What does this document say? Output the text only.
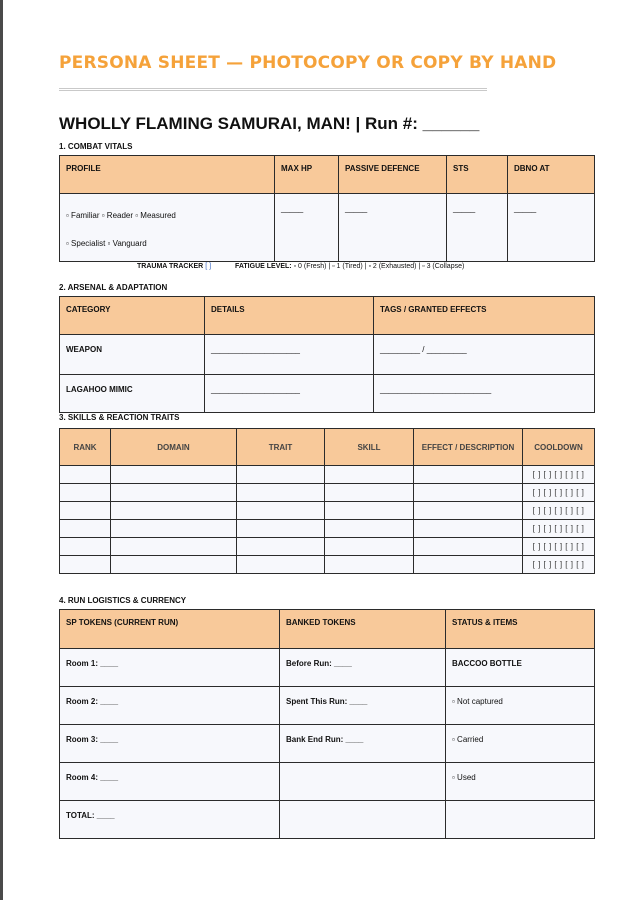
PERSONA SHEET — PHOTOCOPY OR COPY BY HAND
WHOLLY FLAMING SAMURAI, MAN! | Run #: ______
1. COMBAT VITALS
PROFILE	MAX HP	PASSIVE DEFENCE	STS	DBNO AT

▫ Familiar ▫ Reader ▫ Measured
▫ Specialist ▫ Vanguard	_____	_____	_____	_____
TRAUMA TRACKER [ ]	FATIGUE LEVEL: ▫ 0 (Fresh) | ▫ 1 (Tired) | ▫ 2 (Exhausted) | ▫ 3 (Collapse)
2. ARSENAL & ADAPTATION
CATEGORY	DETAILS	TAGS / GRANTED EFFECTS
WEAPON	____________________	_________ / _________
LAGAHOO MIMIC	____________________	_________________________
3. SKILLS & REACTION TRAITS
RANK	DOMAIN	TRAIT	SKILL	EFFECT / DESCRIPTION	COOLDOWN
					[ ] [ ] [ ] [ ] [ ]
					[ ] [ ] [ ] [ ] [ ]
					[ ] [ ] [ ] [ ] [ ]
					[ ] [ ] [ ] [ ] [ ]
					[ ] [ ] [ ] [ ] [ ]
					[ ] [ ] [ ] [ ] [ ]
4. RUN LOGISTICS & CURRENCY
SP TOKENS (CURRENT RUN)	BANKED TOKENS	STATUS & ITEMS
Room 1: ____	Before Run: ____	BACCOO BOTTLE
Room 2: ____	Spent This Run: ____	▫ Not captured
Room 3: ____	Bank End Run: ____	▫ Carried
Room 4: ____		▫ Used
TOTAL: ____		
